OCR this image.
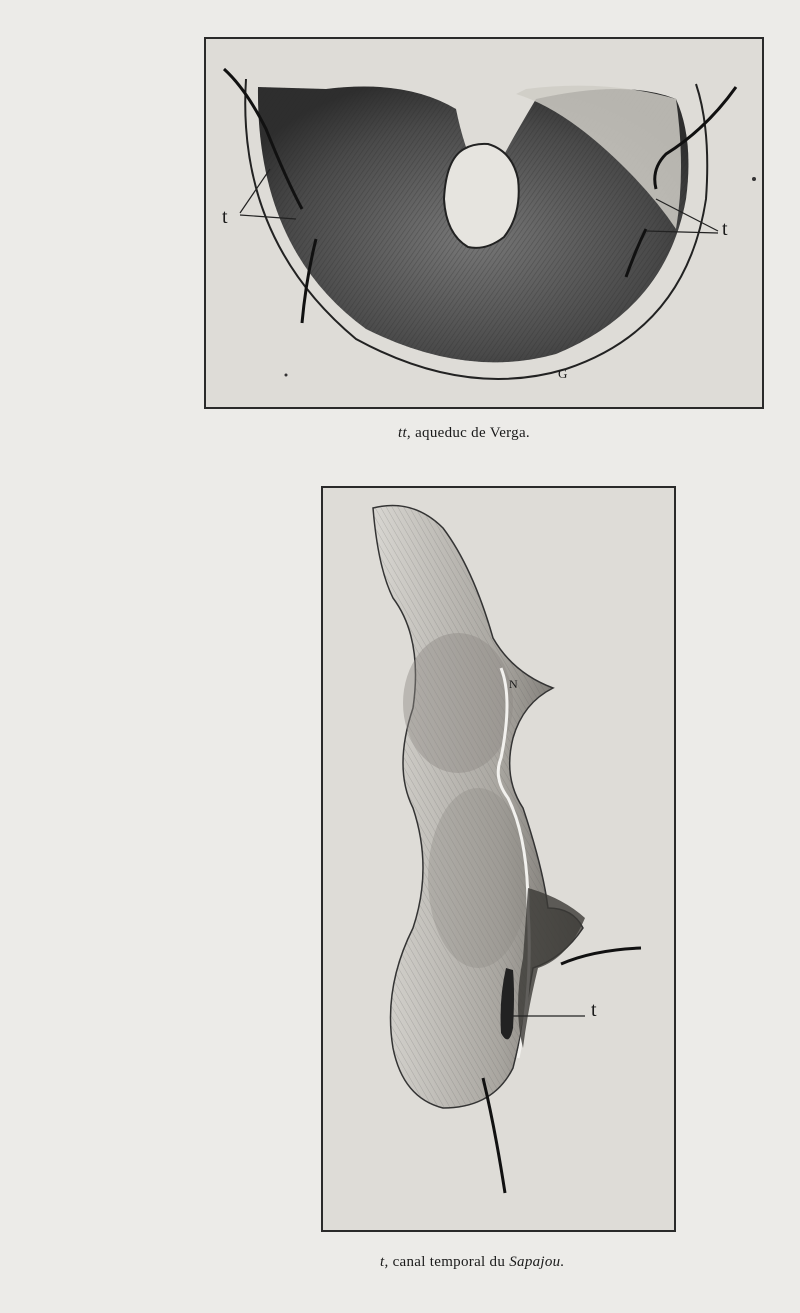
t
t
G
tt, aqueduc de Verga.
t
N
t, canal temporal du Sapajou.
